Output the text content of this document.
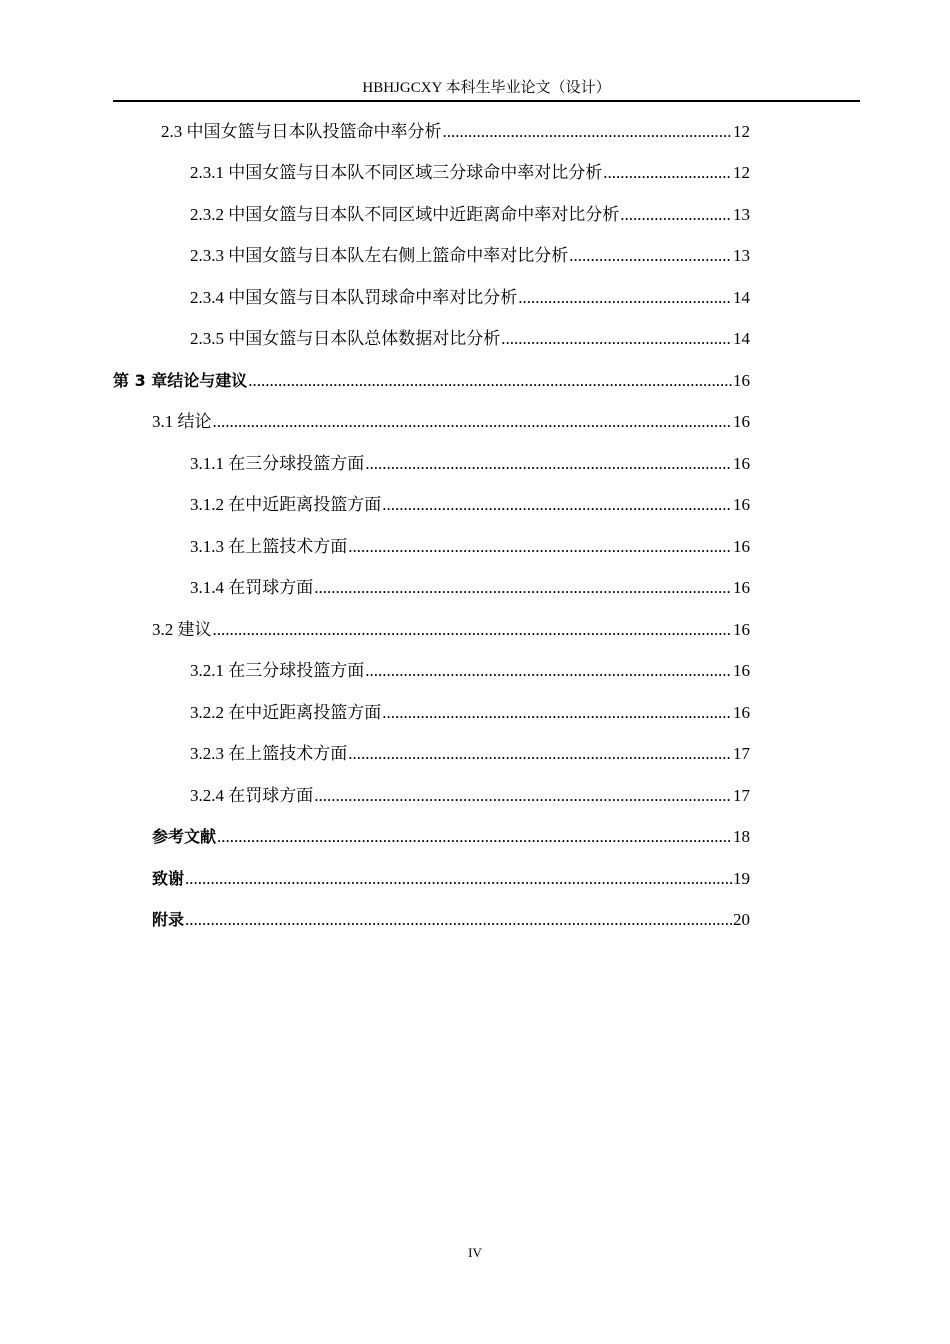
HBHJGCXY 本科生毕业论文（设计）
2.3 中国女篮与日本队投篮命中率分析 .....	12
2.3.1 中国女篮与日本队不同区域三分球命中率对比分析 .....	12
2.3.2 中国女篮与日本队不同区域中近距离命中率对比分析 .....	13
2.3.3 中国女篮与日本队左右侧上篮命中率对比分析 .....	13
2.3.4 中国女篮与日本队罚球命中率对比分析 .....	14
2.3.5 中国女篮与日本队总体数据对比分析 .....	14
第 3 章结论与建议 .....	16
3.1 结论 .....	16
3.1.1 在三分球投篮方面 .....	16
3.1.2 在中近距离投篮方面 .....	16
3.1.3 在上篮技术方面 .....	16
3.1.4 在罚球方面 .....	16
3.2 建议 .....	16
3.2.1 在三分球投篮方面 .....	16
3.2.2 在中近距离投篮方面 .....	16
3.2.3 在上篮技术方面 .....	17
3.2.4 在罚球方面 .....	17
参考文献 .....	18
致谢 .....	19
附录 .....	20
IV
